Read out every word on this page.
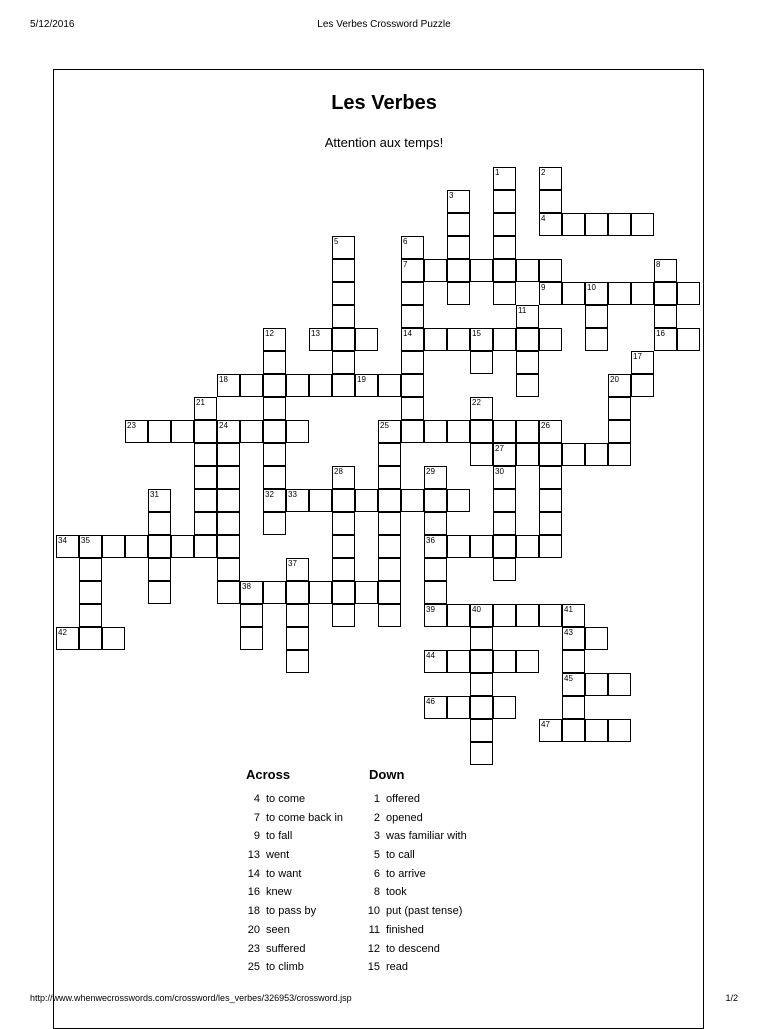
5/12/2016	Les Verbes Crossword Puzzle
Les Verbes
Attention aux temps!
1	2
3
4
5	6
7
14
8
16
9	10
11
12
32
13	15
17
18	19	20
21	22
23	24	25	26
27
28	29
36
39
30
31	33
34 35
37
38
40	41
43
45
42
44
46
47
Across	Down
4 to come
7 to come back in
9 to fall
13 went
14 to want
16 knew
18 to pass by
20 seen
23 suffered
25 to climb
1 offered
2 opened
3 was familiar with
5 to call
6 to arrive
8 took
10 put (past tense)
11 finished
12 to descend
15 read
http://www.whenwecrosswords.com/crossword/les_verbes/326953/crossword.jsp	1/2
